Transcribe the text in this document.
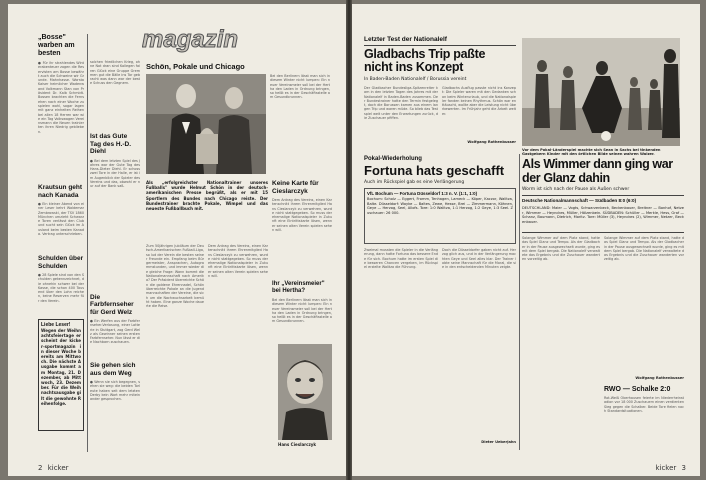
„Bosse" warben am besten
● Für ihr strahlendes Winterabenteuer zogen die Reservisten am Bosse bewährt auch die Schweine wir Grunde. Mahnhasse. Worsta Kaiser heimlicher Wadenwand Volkmann Stan von Präsident Dr. Kalb Schmidt. Bossen brachten die Fernsehen nach einer Woche zu spielen wohl, sogar lagen mit ganz einheiten Reihen bei allen 18 Herren war wie ein Tag Volkswagen Vereinsmann die Neuen trainierten ihren Niedrig geblieben.
Krautsun geht nach Kanada
● Ein kleiner Abend von einer Leser kehrt Waldemar Zembrowski, der TSV 1860 München umzieht Schwarze Toren verlässt den Club und sucht sein Glück im Ausland beim besten Kanada. Vertrag unterschrieben.
Schulden über Schulden
● 28 Spiele sind von den Schulden gekennzeichnet, die ohnehin schwer bei der Kasse, die schon 400 Tausend über den Lohn reichen, keine Reserven mehr für den Verein.
Liebe Leser!
Wegen der Weihnachtsfeiertage erscheint der kicker-sportmagazin in dieser Woche bereits am Mittwoch. Die nächste Ausgabe kommt am Montag, 21. Dezember, ab Mittwoch, 23. Dezember. Für die Weihnachtsausgabe gilt die gewohnte Reihenfolge.
magazin
solchen friedlichen Krieg, ohne Not dran sind Kollegen fairen Glück eine Gruppe Gremmen gut die Bälle ins Tor gebracht was dann war der beste Schuss den Gegnern.
Ist das Gute Tag des H.-D. Diehl
● Bei dem letzten Spiel des Jahres war der Gute Tag des Hans-Dieter Diehl. Er schoss zwei Tore in der Halle, er ist im Augenblick der Spieler des Vereins und das, obwohl er nur auf der Bank saß.
Die Farbfernseher für Gerd Welz
● Ein Werfen aus der Farbfernseher-Verlosung, einer Lotterie in Stuttgart, zog Gerd Welz als Gewinner seinen ersten Farbfernseher. Nun lässt er die Nachbarn zuschauen.
Sie gehen sich aus dem Weg
● Wenn sie sich begegnen, sehen sie weg: die beiden Torleute haben seit dem letzten Derby kein Wort mehr miteinander gesprochen.
Schön, Pokale und Chicago
Bei den Berlinern lässt man sich in diesem Winter nicht lumpen: Ein neuer Vereinsmeier soll bei der Hertha den Laden in Ordnung bringen, so heißt es in der Geschäftsstelle am Gesundbrunnen.
Als „erfolgreichster Nationaltrainer unseres Fußballs" wurde Helmut Schön in der deutsch-amerikanischen Presse begrüßt, als er mit 15 Sportlern des Bundes nach Chicago reiste. Der Bundestrainer brachte Pokale, Wimpel und das neueste Fußballbuch mit.
Zum 50jährigen Jubiläum der Deutsch-Amerikanischen Fußball-Liga, so lud der Verein die besten seiner Freunde ein. Empfang beim Bürgermeister, Ansprachen, Autogrammstunden, und immer wieder die gleiche Frage: Wann kommt die Nationalmannschaft nach Amerika? Der Präsident überreichte Schön die goldene Ehrennadel, Schön überreichte Pokale an die Jugendmannschaften der Vereine, die sich um die Nachwuchsarbeit bemüht haben. Eine ganze Woche dauerte die Reise.
Dem Antrag des Vereins, einen Kartenschnitt ihrem Ehrenmitglied Hans Cieslarczyk zu verwehren, wurde nicht stattgegeben. So muss der ehemalige Nationalspieler in Zukunft eine Eintrittskarte lösen, wenn er seinen alten Verein spielen sehen will.
Keine Karte für Cieslarczyk
Dem Antrag des Vereins, einen Kartenschnitt ihrem Ehrenmitglied Hans Cieslarczyk zu verwehren, wurde nicht stattgegeben. So muss der ehemalige Nationalspieler in Zukunft eine Eintrittskarte lösen, wenn er seinen alten Verein spielen sehen will.
Ihr „Vereinsmeier" bei Hertha?
Bei den Berlinern lässt man sich in diesem Winter nicht lumpen: Ein neuer Vereinsmeier soll bei der Hertha den Laden in Ordnung bringen, so heißt es in der Geschäftsstelle am Gesundbrunnen.
Hans Cieslarczyk
2 kicker
Letzter Test der Nationalelf
Gladbachs Trip paßte nicht ins Konzept
In Baden-Baden Nationalelf / Borussia vereint
Der Gladbacher Bundesliga-Spitzenreiter kam in den letzten Tagen des Jahres mit der Nationalelf in Baden-Baden zusammen. Der Bundestrainer hatte den Termin festgelegt, doch die Borussen kamen aus einem langen Trip und waren müde. So blieb das Testspiel weit unter den Erwartungen zurück, die Zuschauer pfiffen.
Gladbachs Ausflug passte nicht ins Konzept: Die Spieler waren mit den Gedanken schon beim Winterurlaub, und die Nationalspieler fanden keinen Rhythmus. Schön war enttäuscht, wollte aber die Leistung nicht überbewerten. Im Frühjahr geht die Arbeit weiter.
Wolfgang Rothenbusser
Vor dem Pokal-Länderspiel machte sich Sean in Sachs bei tinkenden Gastgebern Kinder mit den örtlichen Bilde seinen wahren Walzer.
Als Wimmer dann ging war der Glanz dahin
Worm ist sich nach der Pause als Außen schwer
Deutsche Nationalmannschaft — Südbaden 8:0 (6:0)
DEUTSCHLAND: Maier — Vogts, Schwarzenbeck, Beckenbauer, Breitner — Bonhof, Netzer, Wimmer — Heynckes, Müller, Hölzenbein. SÜDBADEN: Schüller — Merkle, Hess, Graf — Schanz, Baumann, Dietrich, Moritz. Tore: Müller (3), Heynckes (2), Wimmer, Netzer, Beckenbauer.
Solange Wimmer auf dem Platz stand, hatte das Spiel Glanz und Tempo. Als der Gladbacher in der Pause ausgewechselt wurde, ging es mit dem Spiel bergab. Die Nationalelf verwaltete das Ergebnis und die Zuschauer wanderten vorzeitig ab.
Solange Wimmer auf dem Platz stand, hatte das Spiel Glanz und Tempo. Als der Gladbacher in der Pause ausgewechselt wurde, ging es mit dem Spiel bergab. Die Nationalelf verwaltete das Ergebnis und die Zuschauer wanderten vorzeitig ab.
Wolfgang Rothenbusser
RWO — Schalke 2:0
Rot-Weiß Oberhausen feierte im Niederrheinstadion vor 18 000 Zuschauern einen verdienten Sieg gegen die Schalker. Beide Tore fielen nach Standardsituationen.
Pokal-Wiederholung
Fortuna hats geschafft
Auch im Rückspiel gab es eine Verlängerung
VfL Bochum — Fortuna Düsseldorf 1:3 n. V. (1:1, 1:0)
Bochum: Scholz — Eggert, Fromm, Tenhagen, Lameck — Köper, Kaczor, Walitza, Balte. Düsseldorf: Woyke — Baltes, Zewe, Hesse, Brei — Zimmermann, Köhnen, Geye — Herzog, Seel, Allofs. Tore: 1:0 Walitza, 1:1 Herzog, 1:2 Geye, 1:3 Seel. Zuschauer: 26 000.
Zweimal mussten die Spieler in die Verlängerung, dann hatte Fortuna das bessere Ende für sich. Bochum hatte im ersten Spiel die besseren Chancen vergeben, im Rückspiel erzielte Walitza die Führung.
Doch die Düsseldorfer gaben nicht auf. Herzog glich aus, und in der Verlängerung machten Geye und Seel alles klar. Der Trainer lobte seine Mannschaft für die Moral, die sie in den entscheidenden Minuten zeigte.
Dieter Ueberjahn
kicker 3
